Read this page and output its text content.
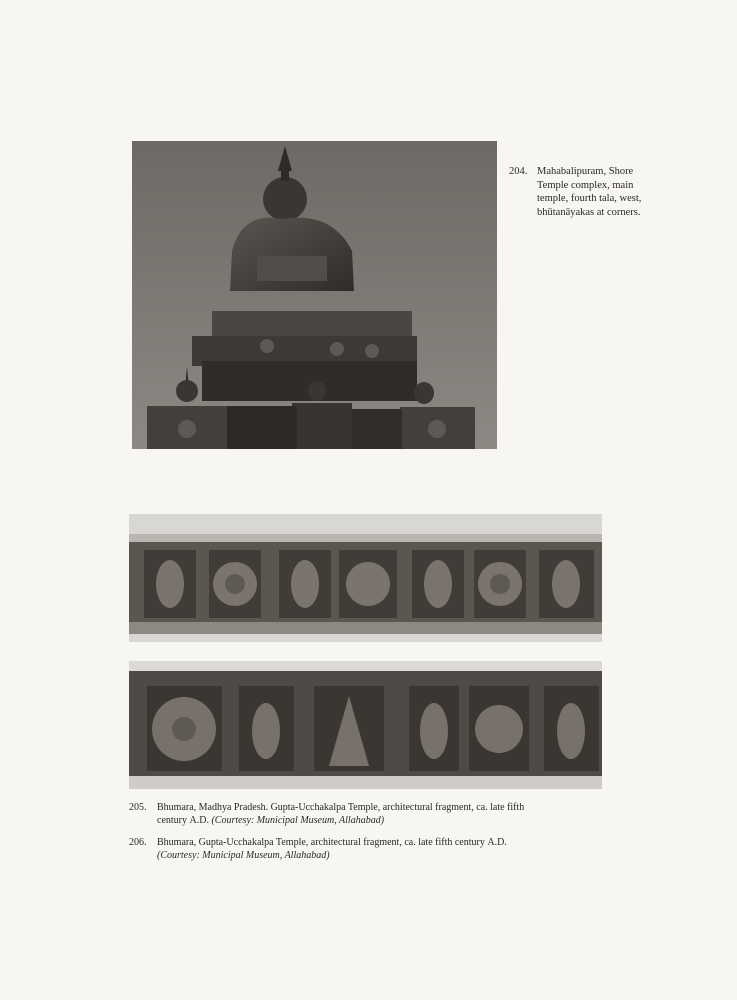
204. Mahabalipuram, Shore
Temple complex, main
temple, fourth tala, west,
bhūtanāyakas at corners.
205. Bhumara, Madhya Pradesh. Gupta-Ucchakalpa Temple, architectural fragment, ca. late fifth
century A.D. (Courtesy: Municipal Museum, Allahabad)
206. Bhumara, Gupta-Ucchakalpa Temple, architectural fragment, ca. late fifth century A.D.
(Courtesy: Municipal Museum, Allahabad)
